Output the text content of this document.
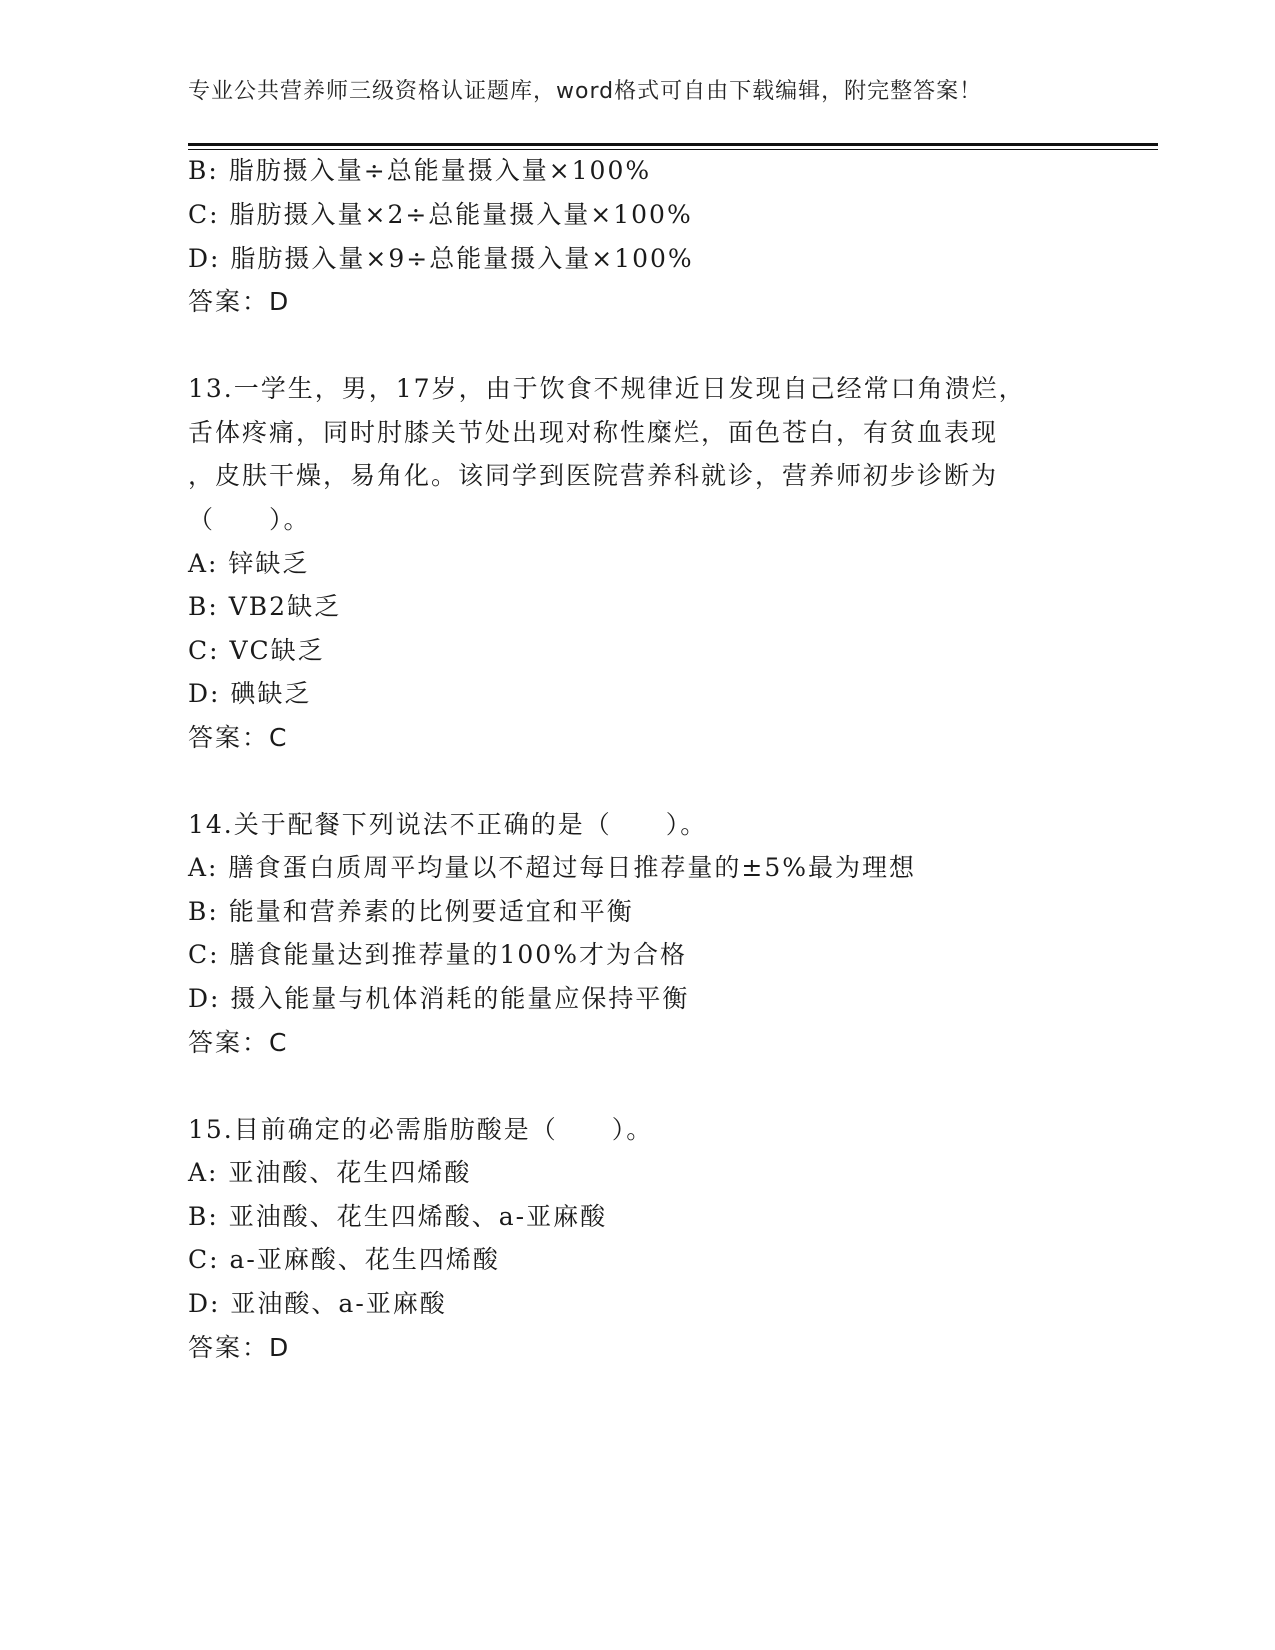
专业公共营养师三级资格认证题库，word格式可自由下载编辑，附完整答案！
B: 脂肪摄入量÷总能量摄入量×100%
C: 脂肪摄入量×2÷总能量摄入量×100%
D: 脂肪摄入量×9÷总能量摄入量×100%
答案：D
13.一学生，男，17岁，由于饮食不规律近日发现自己经常口角溃烂，
舌体疼痛，同时肘膝关节处出现对称性糜烂，面色苍白，有贫血表现
，皮肤干燥，易角化。该同学到医院营养科就诊，营养师初步诊断为
（　　）。
A: 锌缺乏
B: VB2缺乏
C: VC缺乏
D: 碘缺乏
答案：C
14.关于配餐下列说法不正确的是（　　）。
A: 膳食蛋白质周平均量以不超过每日推荐量的±5%最为理想
B: 能量和营养素的比例要适宜和平衡
C: 膳食能量达到推荐量的100%才为合格
D: 摄入能量与机体消耗的能量应保持平衡
答案：C
15.目前确定的必需脂肪酸是（　　）。
A: 亚油酸、花生四烯酸
B: 亚油酸、花生四烯酸、a-亚麻酸
C: a-亚麻酸、花生四烯酸
D: 亚油酸、a-亚麻酸
答案：D
